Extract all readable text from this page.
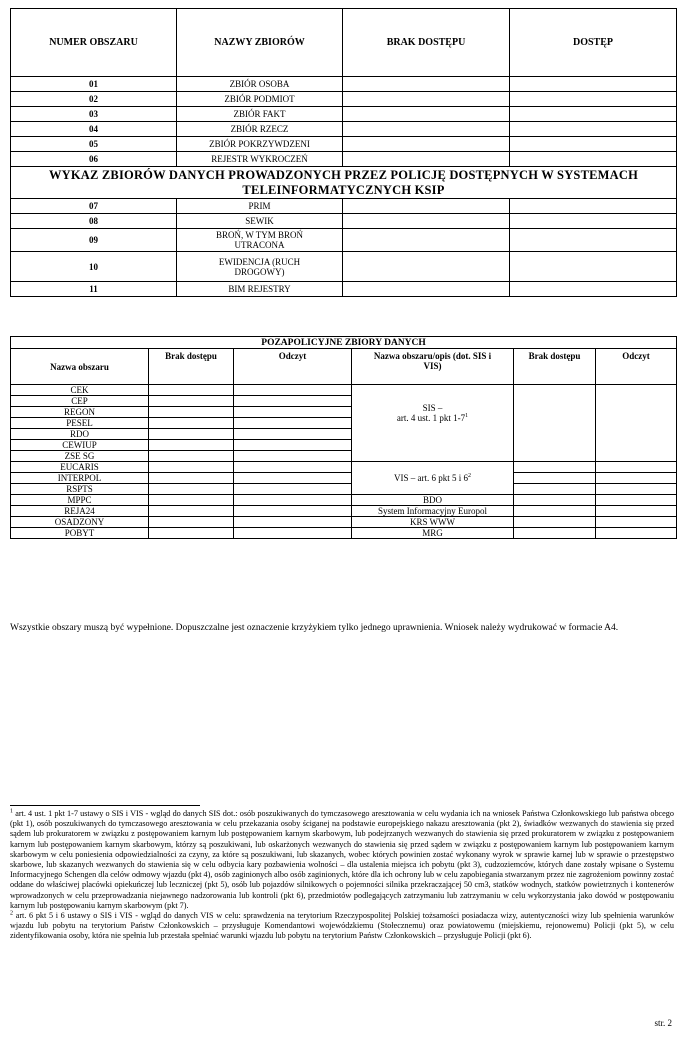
NUMER OBSZARU	NAZWY ZBIORÓW	BRAK DOSTĘPU	DOSTĘP
01	ZBIÓR OSOBA		
02	ZBIÓR PODMIOT		
03	ZBIÓR FAKT		
04	ZBIÓR RZECZ		
05	ZBIÓR POKRZYWDZENI		
06	REJESTR WYKROCZEŃ		
WYKAZ ZBIORÓW DANYCH PROWADZONYCH PRZEZ POLICJĘ DOSTĘPNYCH W SYSTEMACH TELEINFORMATYCZNYCH KSIP			
07	PRIM		
08	SEWIK		
09	BROŃ, W TYM BROŃ UTRACONA		
10	EWIDENCJA (RUCH DROGOWY)		
11	BIM REJESTRY		
POZAPOLICYJNE ZBIORY DANYCH					
Nazwa obszaru	Brak dostępu	Odczyt	Nazwa obszaru/opis (dot. SIS i VIS)	Brak dostępu	Odczyt
CEK			SIS –
art. 4 ust. 1 pkt $1-7^1$		
CEP					
REGON					
PESEL					
RDO					
CEWIUP					
ZSE SG					
EUCARIS			VIS – art. 6 pkt 5 i $6^2$		
INTERPOL					
RSPTS					
MPPC			BDO		
REJA24			System Informacyjny Europol		
OSADZONY			KRS WWW		
POBYT			MRG		
Wszystkie obszary muszą być wypełnione. Dopuszczalne jest oznaczenie krzyżykiem tylko jednego uprawnienia. Wniosek należy wydrukować w formacie A4.

$^1$ art. 4 ust. 1 pkt 1-7 ustawy o SIS i VIS - wgląd do danych SIS dot.: osób poszukiwanych do tymczasowego aresztowania w celu wydania ich na wniosek Państwa Członkowskiego lub państwa obcego (pkt 1), osób poszukiwanych do tymczasowego aresztowania w celu przekazania osoby ściganej na podstawie europejskiego nakazu aresztowania (pkt 2), świadków wezwanych do stawienia się przed sądem lub prokuratorem w związku z postępowaniem karnym lub postępowaniem karnym skarbowym, lub podejrzanych wezwanych do stawienia się przed prokuratorem w związku z postępowaniem karnym lub postępowaniem karnym skarbowym, którzy są poszukiwani, lub oskarżonych wezwanych do stawienia się przed sądem w związku z postępowaniem karnym lub postępowaniem karnym skarbowym w celu poniesienia odpowiedzialności za czyny, za które są poszukiwani, lub skazanych, wobec których powinien zostać wykonany wyrok w sprawie karnej lub w sprawie o przestępstwo skarbowe, lub skazanych wezwanych do stawienia się w celu odbycia kary pozbawienia wolności – dla ustalenia miejsca ich pobytu (pkt 3), cudzoziemców, których dane zostały wpisane o Systemu Informacyjnego Schengen dla celów odmowy wjazdu (pkt 4), osób zaginionych albo osób zaginionych, które dla ich ochrony lub w celu zapobiegania stwarzanym przez nie zagrożeniom powinny zostać oddane do właściwej placówki opiekuńczej lub leczniczej (pkt 5), osób lub pojazdów silnikowych o pojemności silnika przekraczającej 50 cm3, statków wodnych, statków powietrznych i kontenerów wprowadzonych w celu przeprowadzania niejawnego nadzorowania lub kontroli (pkt 6), przedmiotów podlegających zatrzymaniu lub zatrzymaniu w celu wykorzystania jako dowód w postępowaniu karnym lub postępowaniu karnym skarbowym (pkt 7).

$^2$ art. 6 pkt 5 i 6 ustawy o SIS i VIS - wgląd do danych VIS w celu: sprawdzenia na terytorium Rzeczypospolitej Polskiej tożsamości posiadacza wizy, autentyczności wizy lub spełnienia warunków wjazdu lub pobytu na terytorium Państw Członkowskich – przysługuje Komendantowi wojewódzkiemu (Stołecznemu) oraz powiatowemu (miejskiemu, rejonowemu) Policji (pkt 5), w celu zidentyfikowania osoby, która nie spełnia lub przestała spełniać warunki wjazdu lub pobytu na terytorium Państw Członkowskich – przysługuje Policji (pkt 6).

str. 2
